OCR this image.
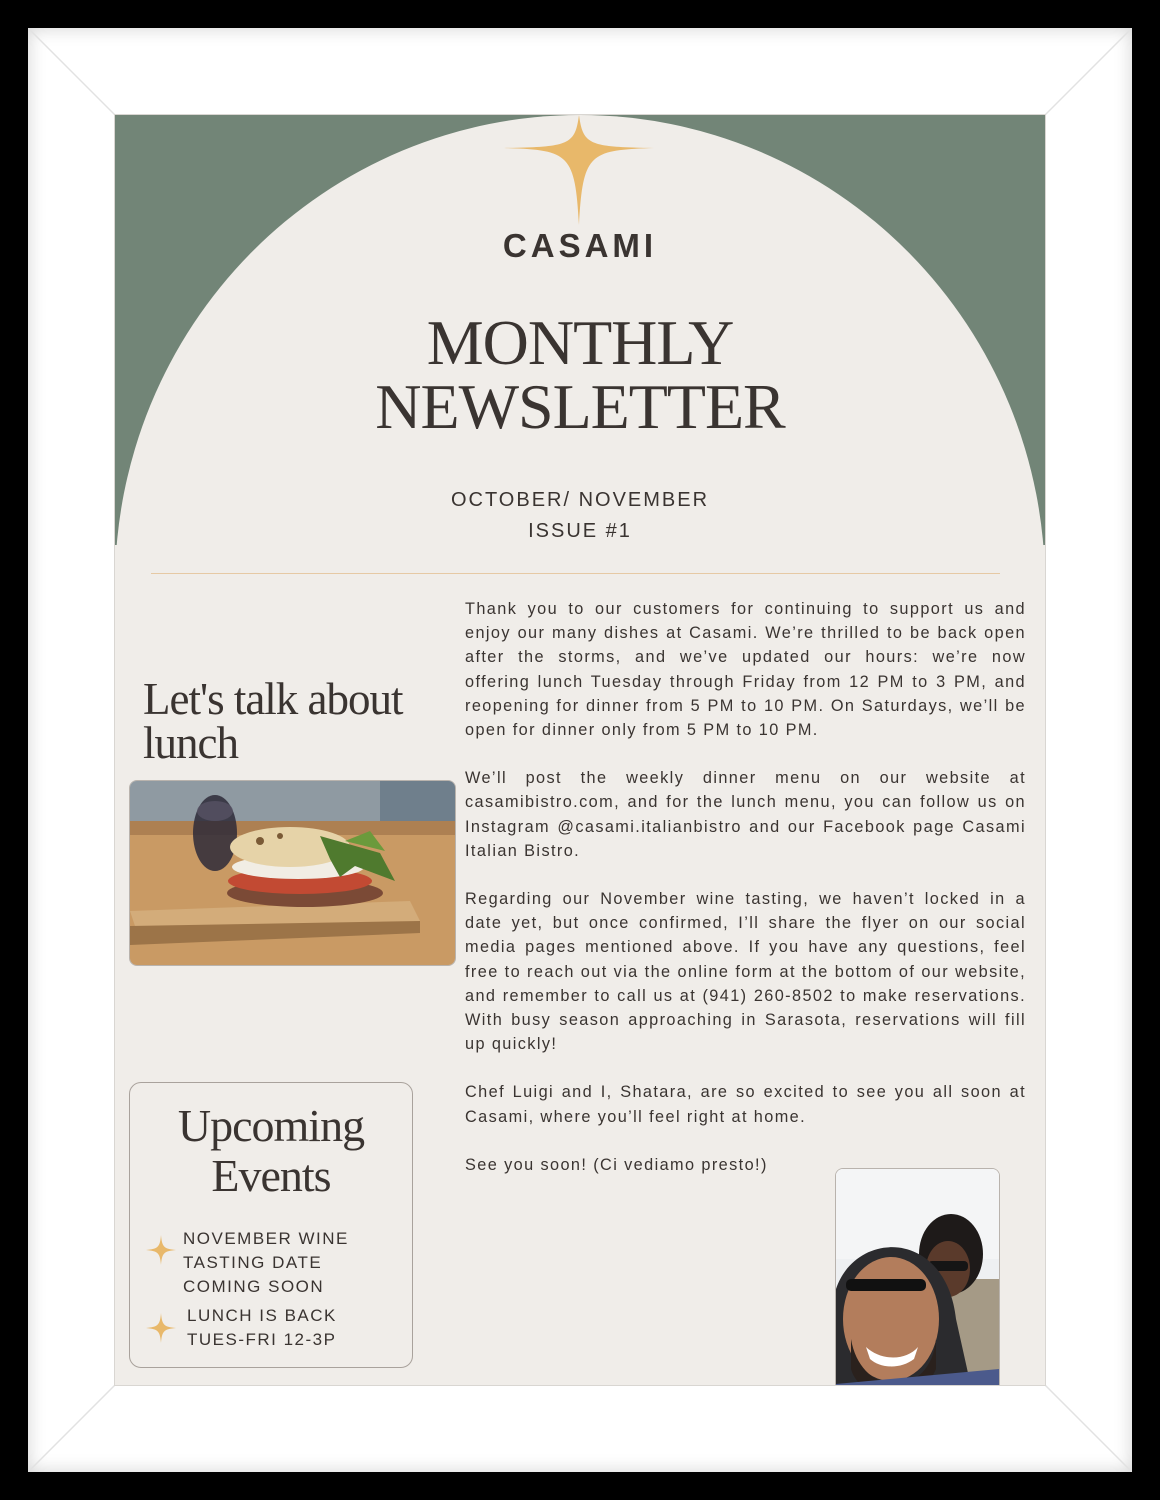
CASAMI
MONTHLY
NEWSLETTER
OCTOBER/ NOVEMBER
ISSUE #1
Let's talk about
lunch
Upcoming
Events
NOVEMBER WINE
TASTING DATE
COMING SOON
LUNCH IS BACK
TUES-FRI 12-3P

Thank you to our customers for continuing to support us and enjoy our many dishes at Casami. We’re thrilled to be back open after the storms, and we’ve updated our hours: we’re now offering lunch Tuesday through Friday from 12 PM to 3 PM, and reopening for dinner from 5 PM to 10 PM. On Saturdays, we’ll be open for dinner only from 5 PM to 10 PM.

We’ll post the weekly dinner menu on our website at casamibistro.com, and for the lunch menu, you can follow us on Instagram @casami.italianbistro and our Facebook page Casami Italian Bistro.

Regarding our November wine tasting, we haven’t locked in a date yet, but once confirmed, I’ll share the flyer on our social media pages mentioned above. If you have any questions, feel free to reach out via the online form at the bottom of our website, and remember to call us at (941) 260-8502 to make reservations. With busy season approaching in Sarasota, reservations will fill up quickly!

Chef Luigi and I, Shatara, are so excited to see you all soon at Casami, where you’ll feel right at home.

See you soon! (Ci vediamo presto!)
